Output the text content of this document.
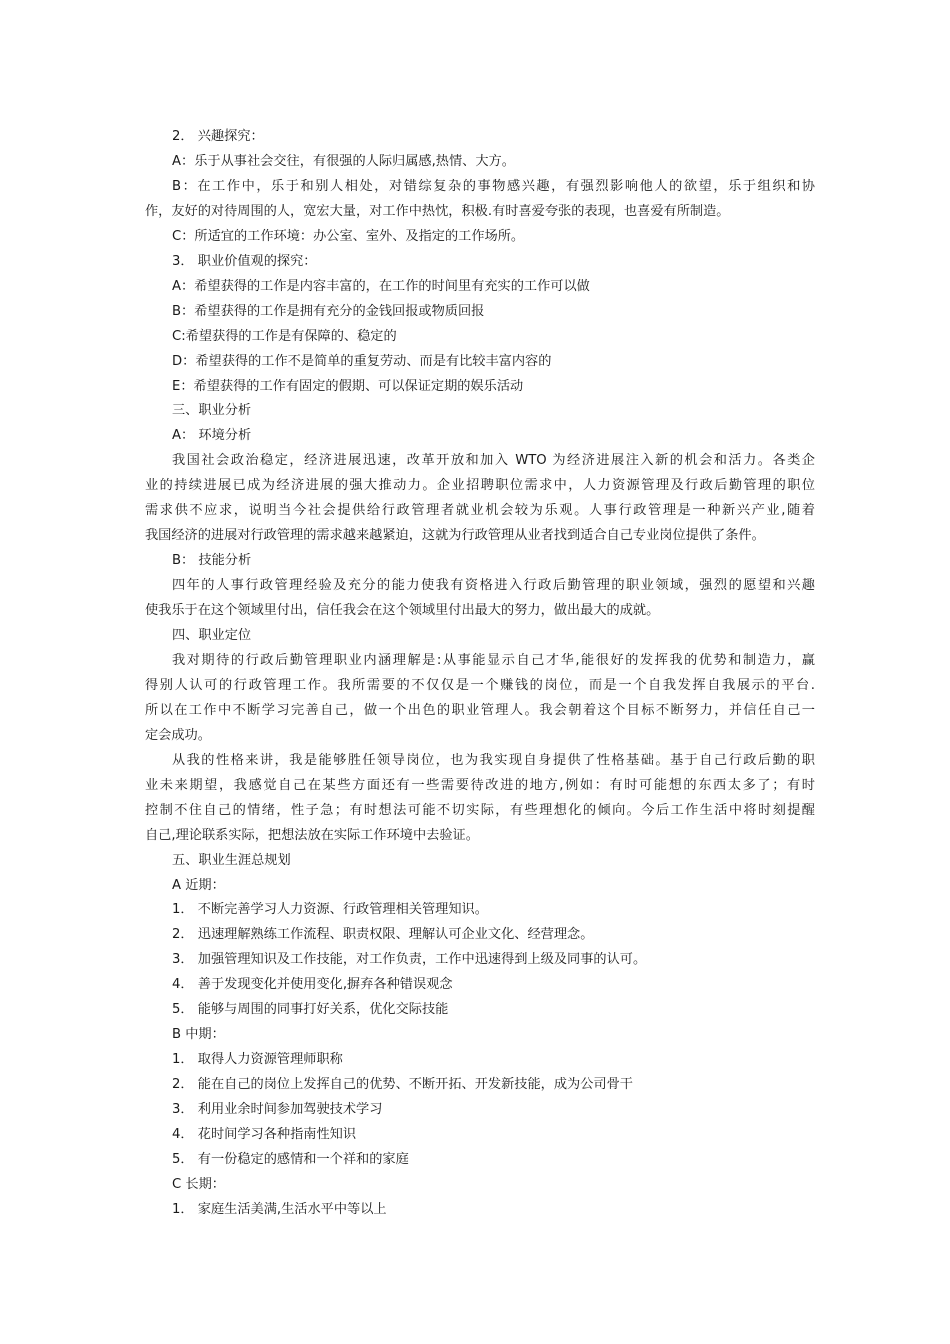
2． 兴趣探究：
A：乐于从事社会交往，有很强的人际归属感,热情、大方。
B：在工作中，乐于和别人相处，对错综复杂的事物感兴趣，有强烈影响他人的欲望，乐于组织和协
作，友好的对待周围的人，宽宏大量，对工作中热忱，积极.有时喜爱夸张的表现，也喜爱有所制造。
C：所适宜的工作环境：办公室、室外、及指定的工作场所。
3． 职业价值观的探究：
A：希望获得的工作是内容丰富的，在工作的时间里有充实的工作可以做
B：希望获得的工作是拥有充分的金钱回报或物质回报
C:希望获得的工作是有保障的、稳定的
D：希望获得的工作不是简单的重复劳动、而是有比较丰富内容的
E：希望获得的工作有固定的假期、可以保证定期的娱乐活动
三、职业分析
A： 环境分析
我国社会政治稳定，经济进展迅速，改革开放和加入 WTO 为经济进展注入新的机会和活力。各类企
业的持续进展已成为经济进展的强大推动力。企业招聘职位需求中，人力资源管理及行政后勤管理的职位
需求供不应求，说明当今社会提供给行政管理者就业机会较为乐观。人事行政管理是一种新兴产业,随着
我国经济的进展对行政管理的需求越来越紧迫，这就为行政管理从业者找到适合自己专业岗位提供了条件。
B： 技能分析
四年的人事行政管理经验及充分的能力使我有资格进入行政后勤管理的职业领域，强烈的愿望和兴趣
使我乐于在这个领域里付出，信任我会在这个领域里付出最大的努力，做出最大的成就。
四、职业定位
我对期待的行政后勤管理职业内涵理解是:从事能显示自己才华,能很好的发挥我的优势和制造力，赢
得别人认可的行政管理工作。我所需要的不仅仅是一个赚钱的岗位，而是一个自我发挥自我展示的平台.
所以在工作中不断学习完善自己，做一个出色的职业管理人。我会朝着这个目标不断努力，并信任自己一
定会成功。
从我的性格来讲，我是能够胜任领导岗位，也为我实现自身提供了性格基础。基于自己行政后勤的职
业未来期望，我感觉自己在某些方面还有一些需要待改进的地方,例如：有时可能想的东西太多了；有时
控制不住自己的情绪，性子急；有时想法可能不切实际，有些理想化的倾向。今后工作生活中将时刻提醒
自己,理论联系实际，把想法放在实际工作环境中去验证。
五、职业生涯总规划
A 近期：
1． 不断完善学习人力资源、行政管理相关管理知识。
2． 迅速理解熟练工作流程、职责权限、理解认可企业文化、经营理念。
3． 加强管理知识及工作技能，对工作负责，工作中迅速得到上级及同事的认可。
4． 善于发现变化并使用变化,摒弃各种错误观念
5． 能够与周围的同事打好关系，优化交际技能
B 中期：
1． 取得人力资源管理师职称
2． 能在自己的岗位上发挥自己的优势、不断开拓、开发新技能，成为公司骨干
3． 利用业余时间参加驾驶技术学习
4． 花时间学习各种指南性知识
5． 有一份稳定的感情和一个祥和的家庭
C 长期：
1． 家庭生活美满,生活水平中等以上
